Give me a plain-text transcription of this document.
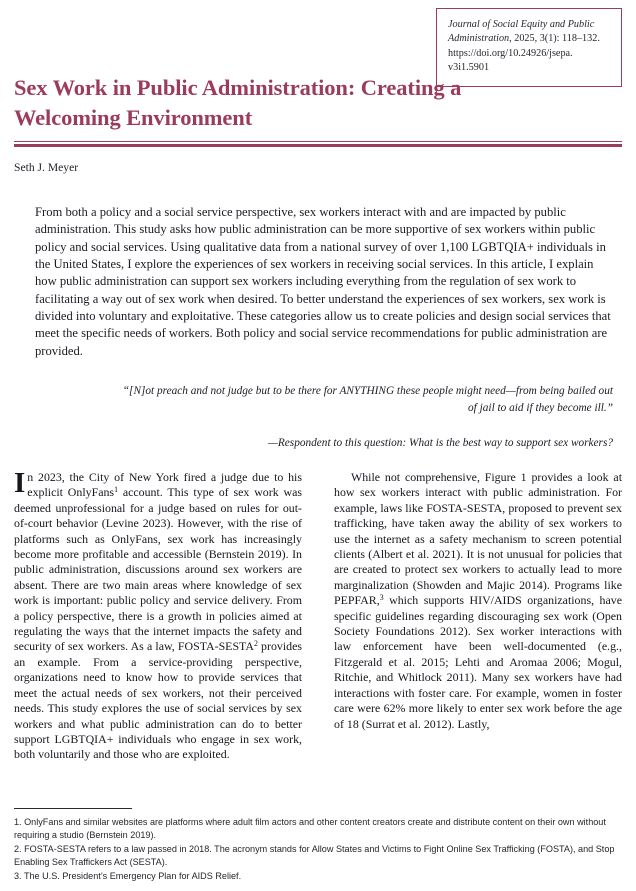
Journal of Social Equity and Public Administration, 2025, 3(1): 118–132. https://doi.org/10.24926/jsepa. v3i1.5901
Sex Work in Public Administration: Creating a Welcoming Environment
Seth J. Meyer
From both a policy and a social service perspective, sex workers interact with and are impacted by public administration. This study asks how public administration can be more supportive of sex workers within public policy and social services. Using qualitative data from a national survey of over 1,100 LGBTQIA+ individuals in the United States, I explore the experiences of sex workers in receiving social services. In this article, I explain how public administration can support sex workers including everything from the regulation of sex work to facilitating a way out of sex work when desired. To better understand the experiences of sex workers, sex work is divided into voluntary and exploitative. These categories allow us to create policies and design social services that meet the specific needs of workers. Both policy and social service recommendations for public administration are provided.
“[N]ot preach and not judge but to be there for ANYTHING these people might need—from being bailed out of jail to aid if they become ill.”
—Respondent to this question: What is the best way to support sex workers?

In 2023, the City of New York fired a judge due to his explicit OnlyFans$^1$ account. This type of sex work was deemed unprofessional for a judge based on rules for out-of-court behavior (Levine 2023). However, with the rise of platforms such as OnlyFans, sex work has increasingly become more profitable and accessible (Bernstein 2019). In public administration, discussions around sex workers are absent. There are two main areas where knowledge of sex work is important: public policy and service delivery. From a policy perspective, there is a growth in policies aimed at regulating the ways that the internet impacts the safety and security of sex workers. As a law, FOSTA-SESTA$^2$ provides an example. From a service-providing perspective, organizations need to know how to provide services that meet the actual needs of sex workers, not their perceived needs. This study explores the use of social services by sex workers and what public administration can do to better support LGBTQIA+ individuals who engage in sex work, both voluntarily and those who are exploited.

While not comprehensive, Figure 1 provides a look at how sex workers interact with public administration. For example, laws like FOSTA-SESTA, proposed to prevent sex trafficking, have taken away the ability of sex workers to use the internet as a safety mechanism to screen potential clients (Albert et al. 2021). It is not unusual for policies that are created to protect sex workers to actually lead to more marginalization (Showden and Majic 2014). Programs like PEPFAR,$^3$ which supports HIV/AIDS organizations, have specific guidelines regarding discouraging sex work (Open Society Foundations 2012). Sex worker interactions with law enforcement have been well-documented (e.g., Fitzgerald et al. 2015; Lehti and Aromaa 2006; Mogul, Ritchie, and Whitlock 2011). Many sex workers have had interactions with foster care. For example, women in foster care were 62% more likely to enter sex work before the age of 18 (Surrat et al. 2012). Lastly,

1. OnlyFans and similar websites are platforms where adult film actors and other content creators create and distribute content on their own without requiring a studio (Bernstein 2019).

2. FOSTA-SESTA refers to a law passed in 2018. The acronym stands for Allow States and Victims to Fight Online Sex Trafficking (FOSTA), and Stop Enabling Sex Traffickers Act (SESTA).

3. The U.S. President’s Emergency Plan for AIDS Relief.
